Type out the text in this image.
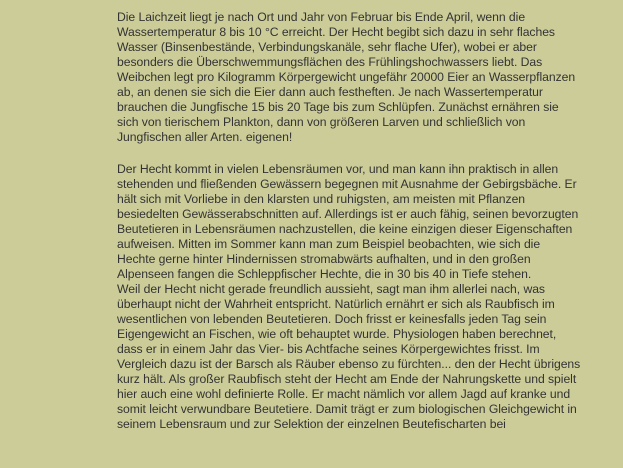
Die Laichzeit liegt je nach Ort und Jahr von Februar bis Ende April, wenn die
Wassertemperatur 8 bis 10 °C erreicht. Der Hecht begibt sich dazu in sehr flaches
Wasser (Binsenbestände, Verbindungskanäle, sehr flache Ufer), wobei er aber
besonders die Überschwemmungsflächen des Frühlingshochwassers liebt. Das
Weibchen legt pro Kilogramm Körpergewicht ungefähr 20000 Eier an Wasserpflanzen
ab, an denen sie sich die Eier dann auch festheften. Je nach Wassertemperatur
brauchen die Jungfische 15 bis 20 Tage bis zum Schlüpfen. Zunächst ernähren sie
sich von tierischem Plankton, dann von größeren Larven und schließlich von
Jungfischen aller Arten. eigenen!
Der Hecht kommt in vielen Lebensräumen vor, und man kann ihn praktisch in allen
stehenden und fließenden Gewässern begegnen mit Ausnahme der Gebirgsbäche. Er
hält sich mit Vorliebe in den klarsten und ruhigsten, am meisten mit Pflanzen
besiedelten Gewässerabschnitten auf. Allerdings ist er auch fähig, seinen bevorzugten
Beutetieren in Lebensräumen nachzustellen, die keine einzigen dieser Eigenschaften
aufweisen. Mitten im Sommer kann man zum Beispiel beobachten, wie sich die
Hechte gerne hinter Hindernissen stromabwärts aufhalten, und in den großen
Alpenseen fangen die Schleppfischer Hechte, die in 30 bis 40 in Tiefe stehen.
Weil der Hecht nicht gerade freundlich aussieht, sagt man ihm allerlei nach, was
überhaupt nicht der Wahrheit entspricht. Natürlich ernährt er sich als Raubfisch im
wesentlichen von lebenden Beutetieren. Doch frisst er keinesfalls jeden Tag sein
Eigengewicht an Fischen, wie oft behauptet wurde. Physiologen haben berechnet,
dass er in einem Jahr das Vier- bis Achtfache seines Körpergewichtes frisst. Im
Vergleich dazu ist der Barsch als Räuber ebenso zu fürchten... den der Hecht übrigens
kurz hält. Als großer Raubfisch steht der Hecht am Ende der Nahrungskette und spielt
hier auch eine wohl definierte Rolle. Er macht nämlich vor allem Jagd auf kranke und
somit leicht verwundbare Beutetiere. Damit trägt er zum biologischen Gleichgewicht in
seinem Lebensraum und zur Selektion der einzelnen Beutefischarten bei
